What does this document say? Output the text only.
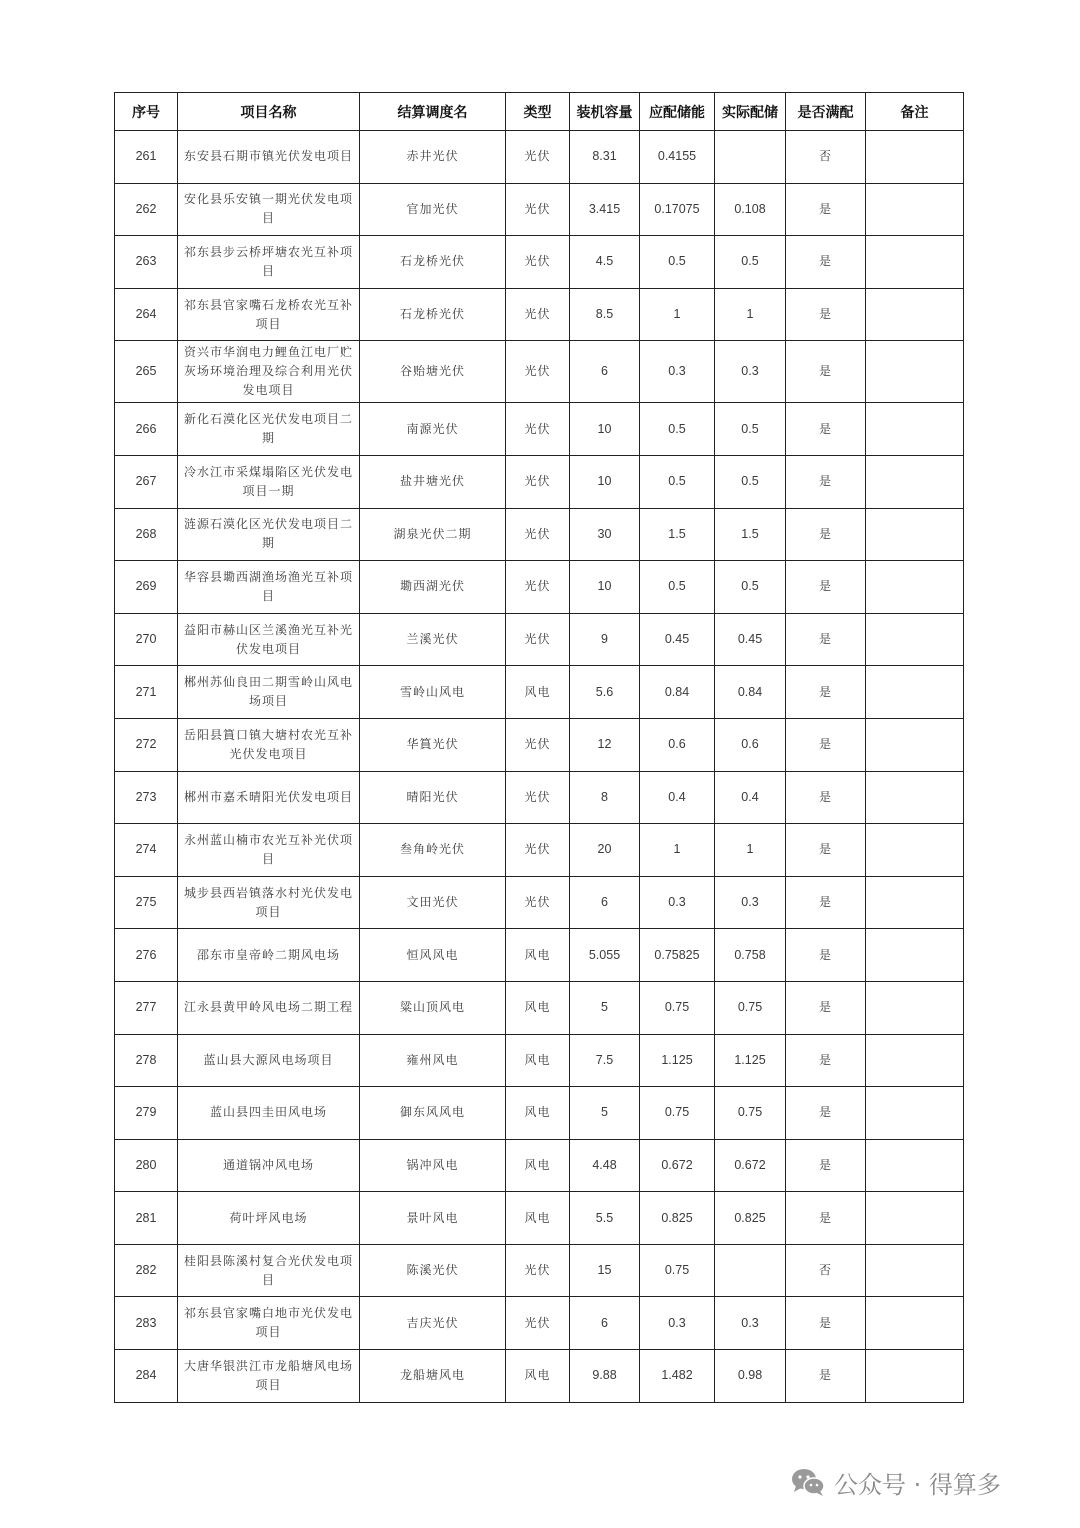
序号	项目名称	结算调度名	类型	装机容量	应配储能	实际配储	是否满配	备注
261	东安县石期市镇光伏发电项目	赤井光伏	光伏	8.31	0.4155		否	
262	安化县乐安镇一期光伏发电项目	官加光伏	光伏	3.415	0.17075	0.108	是	
263	祁东县步云桥坪塘农光互补项目	石龙桥光伏	光伏	4.5	0.5	0.5	是	
264	祁东县官家嘴石龙桥农光互补项目	石龙桥光伏	光伏	8.5	1	1	是	
265	资兴市华润电力鲤鱼江电厂贮灰场环境治理及综合利用光伏发电项目	谷贻塘光伏	光伏	6	0.3	0.3	是	
266	新化石漠化区光伏发电项目二期	南源光伏	光伏	10	0.5	0.5	是	
267	冷水江市采煤塌陷区光伏发电项目一期	盐井塘光伏	光伏	10	0.5	0.5	是	
268	涟源石漠化区光伏发电项目二期	湖泉光伏二期	光伏	30	1.5	1.5	是	
269	华容县墈西湖渔场渔光互补项目	墈西湖光伏	光伏	10	0.5	0.5	是	
270	益阳市赫山区兰溪渔光互补光伏发电项目	兰溪光伏	光伏	9	0.45	0.45	是	
271	郴州苏仙良田二期雪岭山风电场项目	雪岭山风电	风电	5.6	0.84	0.84	是	
272	岳阳县篔口镇大塘村农光互补光伏发电项目	华篔光伏	光伏	12	0.6	0.6	是	
273	郴州市嘉禾晴阳光伏发电项目	晴阳光伏	光伏	8	0.4	0.4	是	
274	永州蓝山楠市农光互补光伏项目	叁角岭光伏	光伏	20	1	1	是	
275	城步县西岩镇落水村光伏发电项目	文田光伏	光伏	6	0.3	0.3	是	
276	邵东市皇帝岭二期风电场	恒风风电	风电	5.055	0.75825	0.758	是	
277	江永县黄甲岭风电场二期工程	粱山顶风电	风电	5	0.75	0.75	是	
278	蓝山县大源风电场项目	雍州风电	风电	7.5	1.125	1.125	是	
279	蓝山县四圭田风电场	御东风风电	风电	5	0.75	0.75	是	
280	通道锅冲风电场	锅冲风电	风电	4.48	0.672	0.672	是	
281	荷叶坪风电场	景叶风电	风电	5.5	0.825	0.825	是	
282	桂阳县陈溪村复合光伏发电项目	陈溪光伏	光伏	15	0.75		否	
283	祁东县官家嘴白地市光伏发电项目	吉庆光伏	光伏	6	0.3	0.3	是	
284	大唐华银洪江市龙船塘风电场项目	龙船塘风电	风电	9.88	1.482	0.98	是	
公众号 · 得算多
